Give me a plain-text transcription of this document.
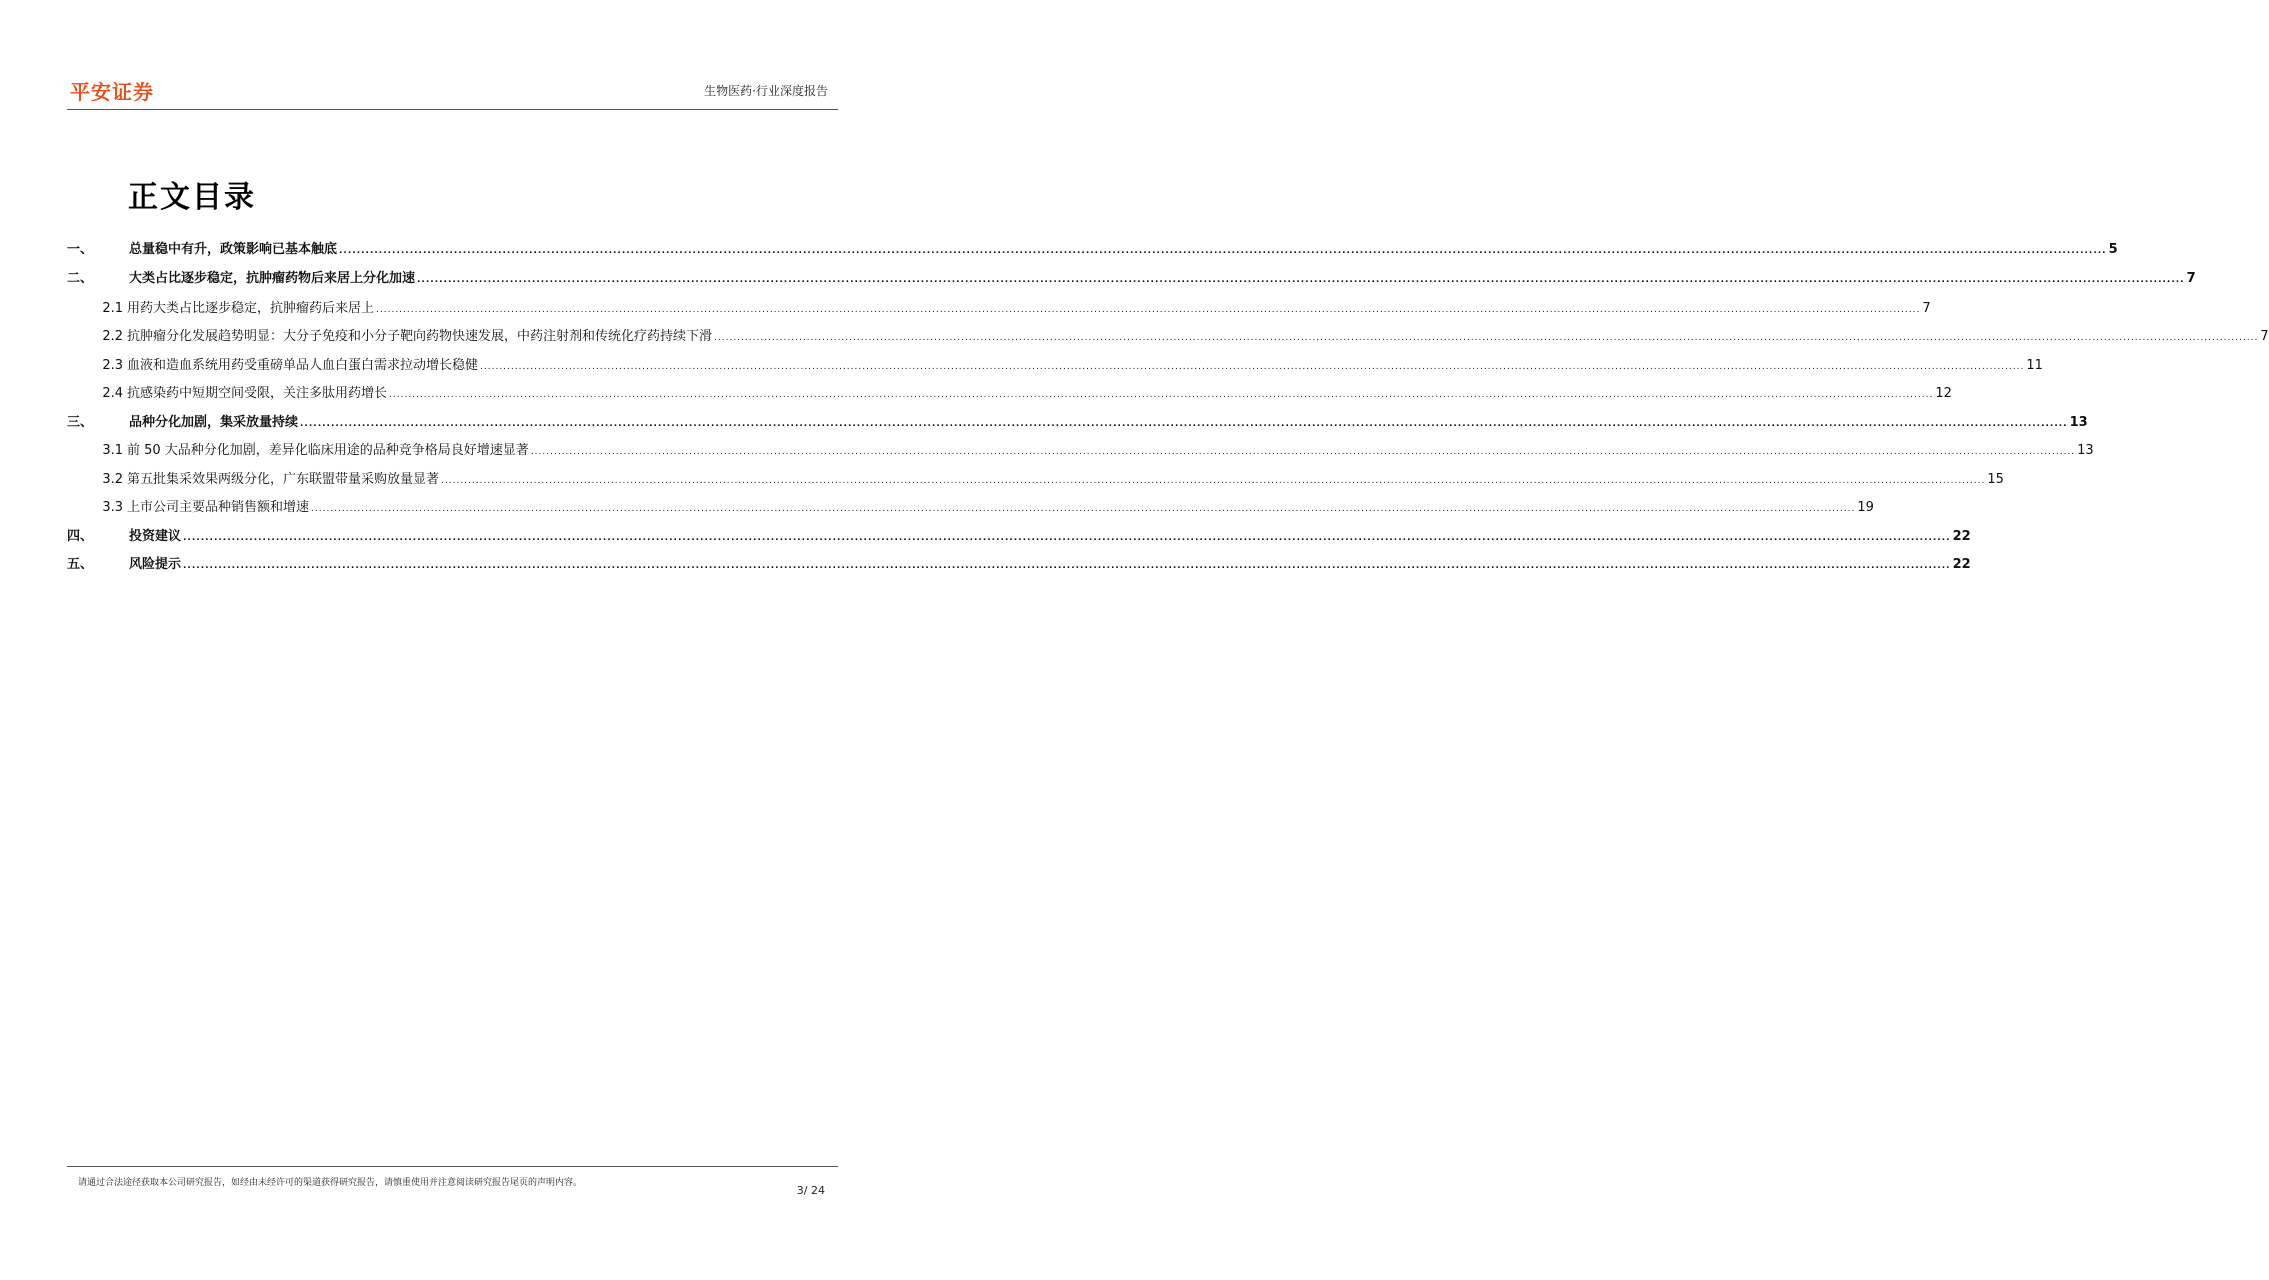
平安证券	生物医药·行业深度报告
正文目录
一、	总量稳中有升，政策影响已基本触底 ................................................................................................................................................................................................................................................................................................................................................................................................................ 5
二、	大类占比逐步稳定，抗肿瘤药物后来居上分化加速 ................................................................................................................................................................................................................................................................................................................................................................................................................ 7
2.1 用药大类占比逐步稳定，抗肿瘤药后来居上 ................................................................................................................................................................................................................................................................................................................................................................................................................ 7
2.2 抗肿瘤分化发展趋势明显：大分子免疫和小分子靶向药物快速发展，中药注射剂和传统化疗药持续下滑 ................................................................................................................................................................................................................................................................................................................................................................................................................ 7
2.3 血液和造血系统用药受重磅单品人血白蛋白需求拉动增长稳健 ................................................................................................................................................................................................................................................................................................................................................................................................................ 11
2.4 抗感染药中短期空间受限，关注多肽用药增长 ................................................................................................................................................................................................................................................................................................................................................................................................................ 12
三、	品种分化加剧，集采放量持续 ................................................................................................................................................................................................................................................................................................................................................................................................................ 13
3.1 前 50 大品种分化加剧，差异化临床用途的品种竞争格局良好增速显著 ................................................................................................................................................................................................................................................................................................................................................................................................................ 13
3.2 第五批集采效果两级分化，广东联盟带量采购放量显著 ................................................................................................................................................................................................................................................................................................................................................................................................................ 15
3.3 上市公司主要品种销售额和增速 ................................................................................................................................................................................................................................................................................................................................................................................................................ 19
四、	投资建议 ................................................................................................................................................................................................................................................................................................................................................................................................................ 22
五、	风险提示 ................................................................................................................................................................................................................................................................................................................................................................................................................ 22
请通过合法途径获取本公司研究报告，如经由未经许可的渠道获得研究报告，请慎重使用并注意阅读研究报告尾页的声明内容。
3/ 24
